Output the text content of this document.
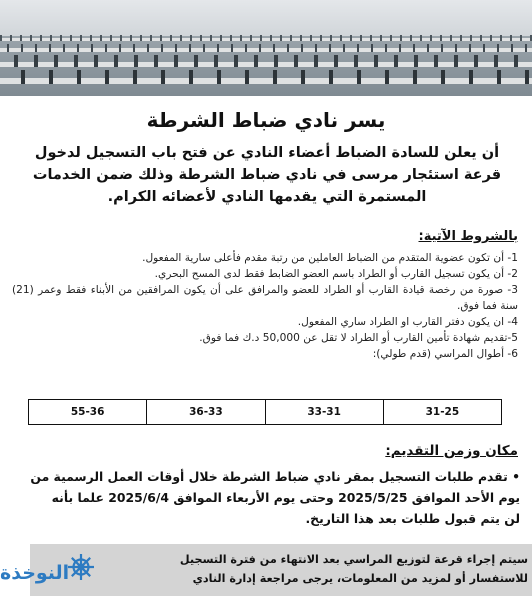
يسر نادي ضباط الشرطة

أن يعلن للسادة الضباط أعضاء النادي عن فتح باب التسجيل لدخول
قرعة استئجار مرسى في نادي ضباط الشرطة وذلك ضمن الخدمات
المستمرة التي يقدمها النادي لأعضائه الكرام.

بالشروط الآتية:
1- أن تكون عضوية المتقدم من الضباط العاملين من رتبة مقدم فأعلى سارية المفعول.
2- أن يكون تسجيل القارب أو الطراد باسم العضو الضابط فقط لدى المسح البحري.
3- صورة من رخصة قيادة القارب أو الطراد للعضو والمرافق على أن يكون المرافقين من الأبناء فقط وعمر (21) سنة فما فوق.
4- ان يكون دفتر القارب او الطراد ساري المفعول.
5-تقديم شهادة تأمين القارب أو الطراد لا تقل عن 50,000 د.ك فما فوق.
6- أطوال المراسي (قدم طولي):
31-25
33-31
36-33
55-36
مكان وزمن التقديم:

• تقدم طلبات التسجيل بمقر نادي ضباط الشرطة خلال أوقات العمل الرسمية من
يوم الأحد الموافق 2025/5/25 وحتى يوم الأربعاء الموافق 2025/6/4 علما بأنه
لن يتم قبول طلبات بعد هذا التاريخ.

سيتم إجراء قرعة لتوزيع المراسي بعد الانتهاء من فترة التسجيل
للاستفسار أو لمزيد من المعلومات، يرجى مراجعة إدارة النادي
النوخذة
